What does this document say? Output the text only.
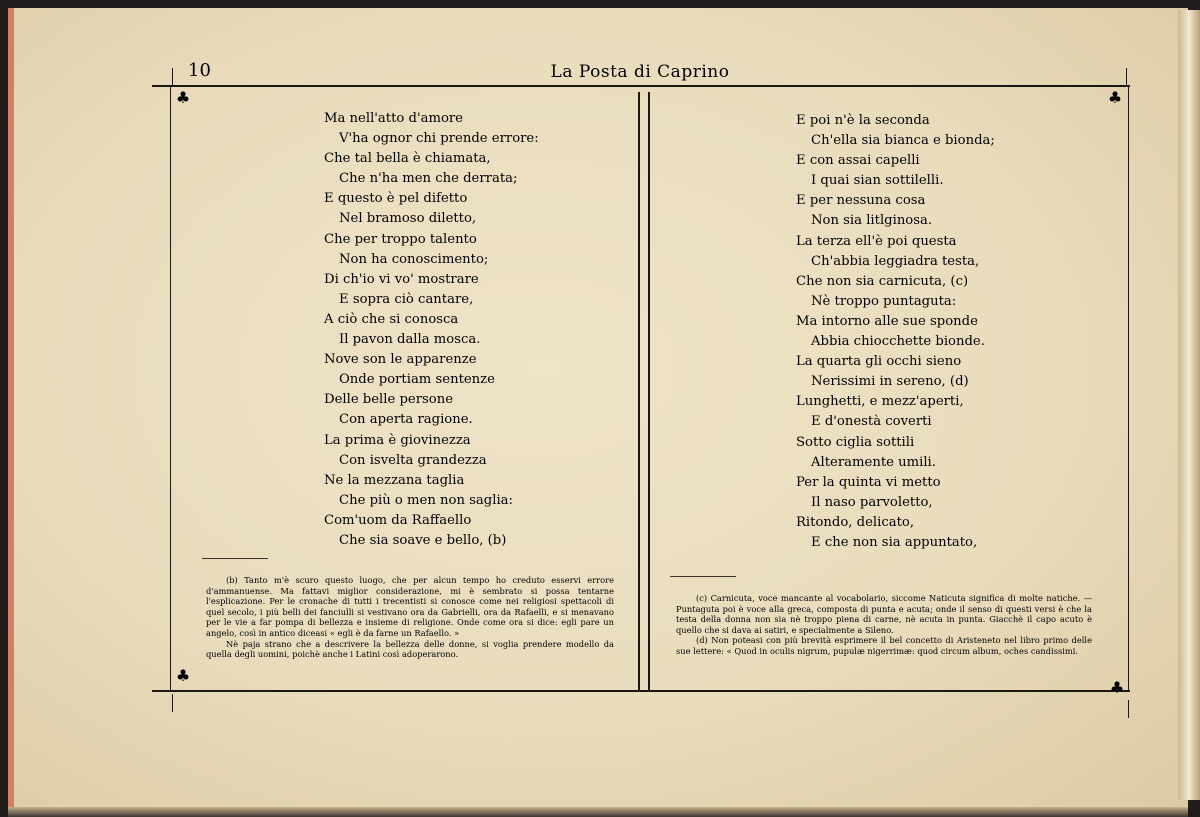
10	La Posta di Caprino
♣	♣
♣
♣
Ma nell'atto d'amore
V'ha ognor chi prende errore:
Che tal bella è chiamata,
Che n'ha men che derrata;
E questo è pel difetto
Nel bramoso diletto,
Che per troppo talento
Non ha conoscimento;
Di ch'io vi vo' mostrare
E sopra ciò cantare,
A ciò che si conosca
Il pavon dalla mosca.
Nove son le apparenze
Onde portiam sentenze
Delle belle persone
Con aperta ragione.
La prima è giovinezza
Con isvelta grandezza
Ne la mezzana taglia
Che più o men non saglia:
Com'uom da Raffaello
Che sia soave e bello, (b)
E poi n'è la seconda
Ch'ella sia bianca e bionda;
E con assai capelli
I quai sian sottilelli.
E per nessuna cosa
Non sia litlginosa.
La terza ell'è poi questa
Ch'abbia leggiadra testa,
Che non sia carnicuta, (c)
Nè troppo puntaguta:
Ma intorno alle sue sponde
Abbia chiocchette bionde.
La quarta gli occhi sieno
Nerissimi in sereno, (d)
Lunghetti, e mezz'aperti,
E d'onestà coverti
Sotto ciglia sottili
Alteramente umili.
Per la quinta vi metto
Il naso parvoletto,
Ritondo, delicato,
E che non sia appuntato,

(b) Tanto m'è scuro questo luogo, che per alcun tempo ho creduto esservi errore d'ammanuense. Ma fattavi miglior considerazione, mi è sembrato si possa tentarne l'esplicazione. Per le cronache di tutti i trecentisti si conosce come nei religiosi spettacoli di quel secolo, i più belli dei fanciulli si vestivano ora da Gabrielli, ora da Rafaelli, e si menavano per le vie a far pompa di bellezza e insieme di religione. Onde come ora si dice: egli pare un angelo, così in antico diceasi « egli è da farne un Rafaello. »

Nè paja strano che a descrivere la bellezza delle donne, si voglia prendere modello da quella degli uomini, poichè anche i Latini così adoperarono.

(c) Carnicuta, voce mancante al vocabolario, siccome Naticuta significa di molte natiche. — Puntaguta poi è voce alla greca, composta di punta e acuta; onde il senso di questi versi è che la testa della donna non sia nè troppo piena di carne, nè acuta in punta. Giacchè il capo acuto è quello che si dava ai satiri, e specialmente a Sileno.

(d) Non poteasi con più brevità esprimere il bel concetto di Aristeneto nel libro primo delle sue lettere: « Quod in oculis nigrum, pupulæ nigerrimæ: quod circum album, oches candissimi.
